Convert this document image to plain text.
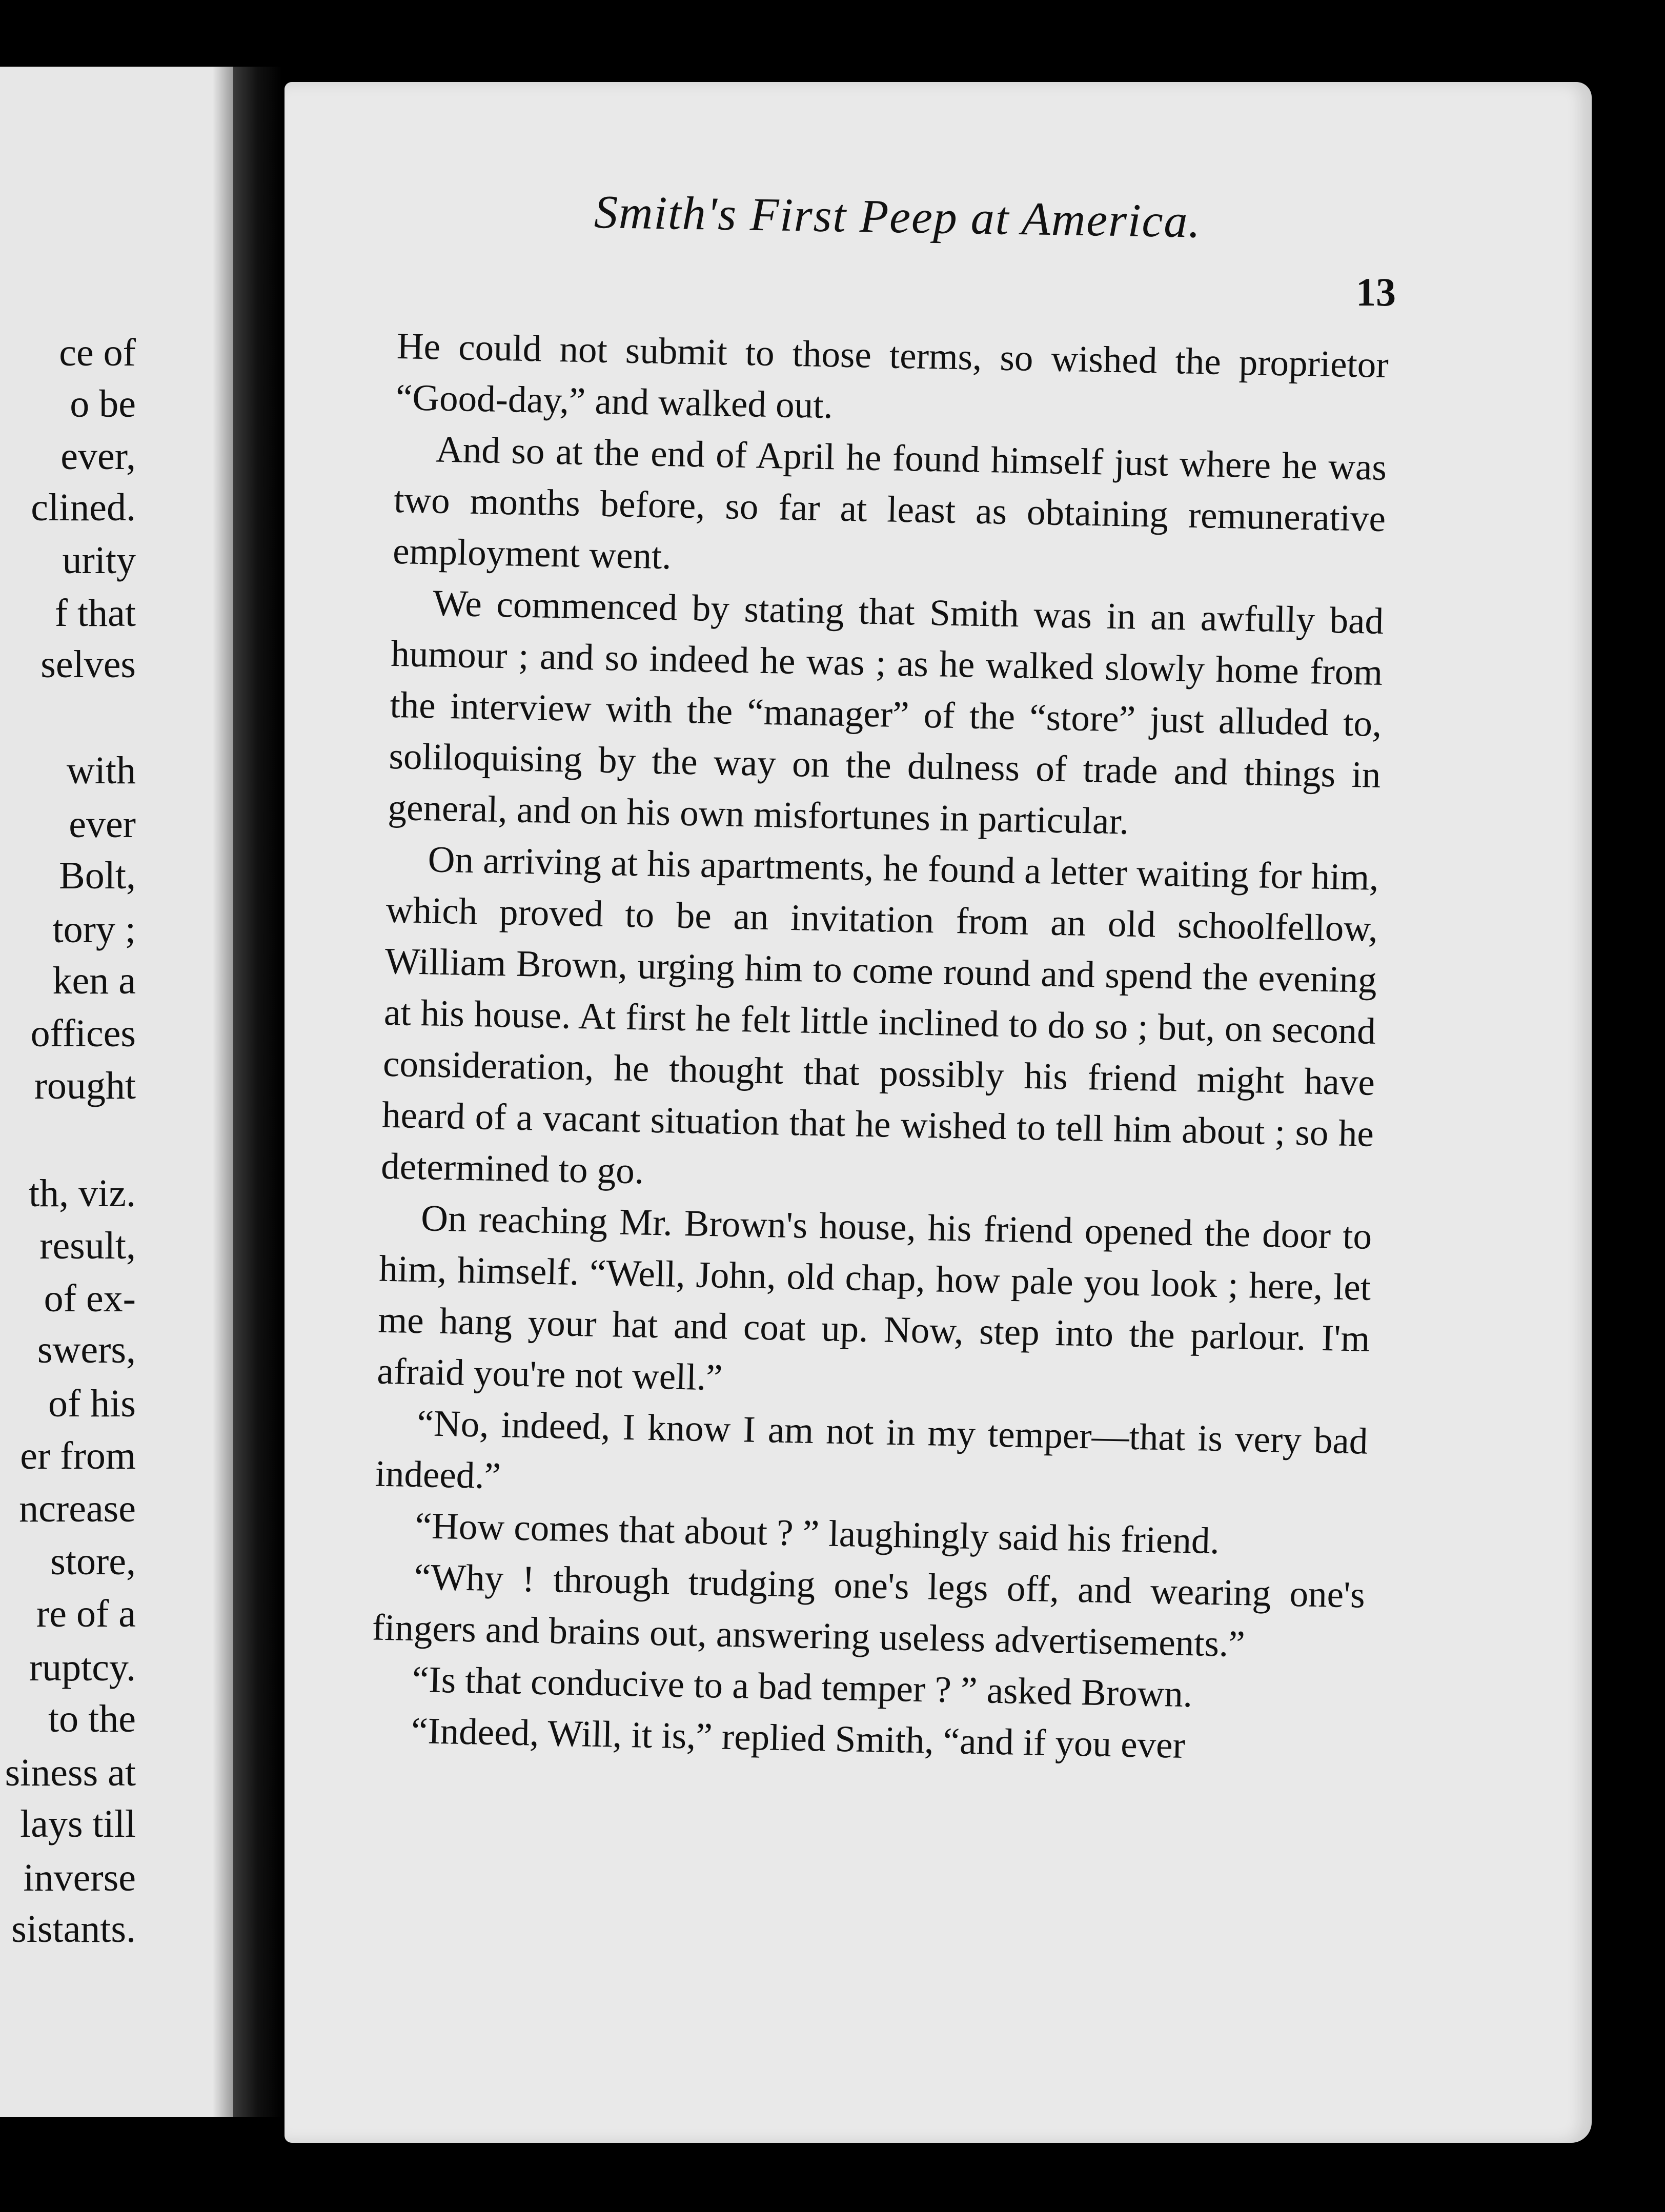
ce of
o be
ever,
clined.
urity
f that
selves
with
ever
Bolt,
tory ;
ken a
offices
rought
th, viz.
result,
of ex-
swers,
of his
er from
ncrease
store,
re of a
ruptcy.
to the
siness at
lays till
inverse
sistants.
Smith's First Peep at America.
13

He could not submit to those terms, so wished the proprietor “Good-day,” and walked out.

And so at the end of April he found himself just where he was two months before, so far at least as obtaining remunerative employment went.

We commenced by stating that Smith was in an awfully bad humour ; and so indeed he was ; as he walked slowly home from the interview with the “manager” of the “store” just alluded to, soliloquising by the way on the dulness of trade and things in general, and on his own misfortunes in particular.

On arriving at his apartments, he found a letter waiting for him, which proved to be an invitation from an old schoolfellow, William Brown, urging him to come round and spend the evening at his house. At first he felt little inclined to do so ; but, on second consideration, he thought that possibly his friend might have heard of a vacant situation that he wished to tell him about ; so he determined to go.

On reaching Mr. Brown's house, his friend opened the door to him, himself. “Well, John, old chap, how pale you look ; here, let me hang your hat and coat up. Now, step into the parlour. I'm afraid you're not well.”

“No, indeed, I know I am not in my temper—that is very bad indeed.”

“How comes that about ? ” laughingly said his friend.

“Why ! through trudging one's legs off, and wearing one's fingers and brains out, answering useless advertisements.”

“Is that conducive to a bad temper ? ” asked Brown.

“Indeed, Will, it is,” replied Smith, “and if you ever
